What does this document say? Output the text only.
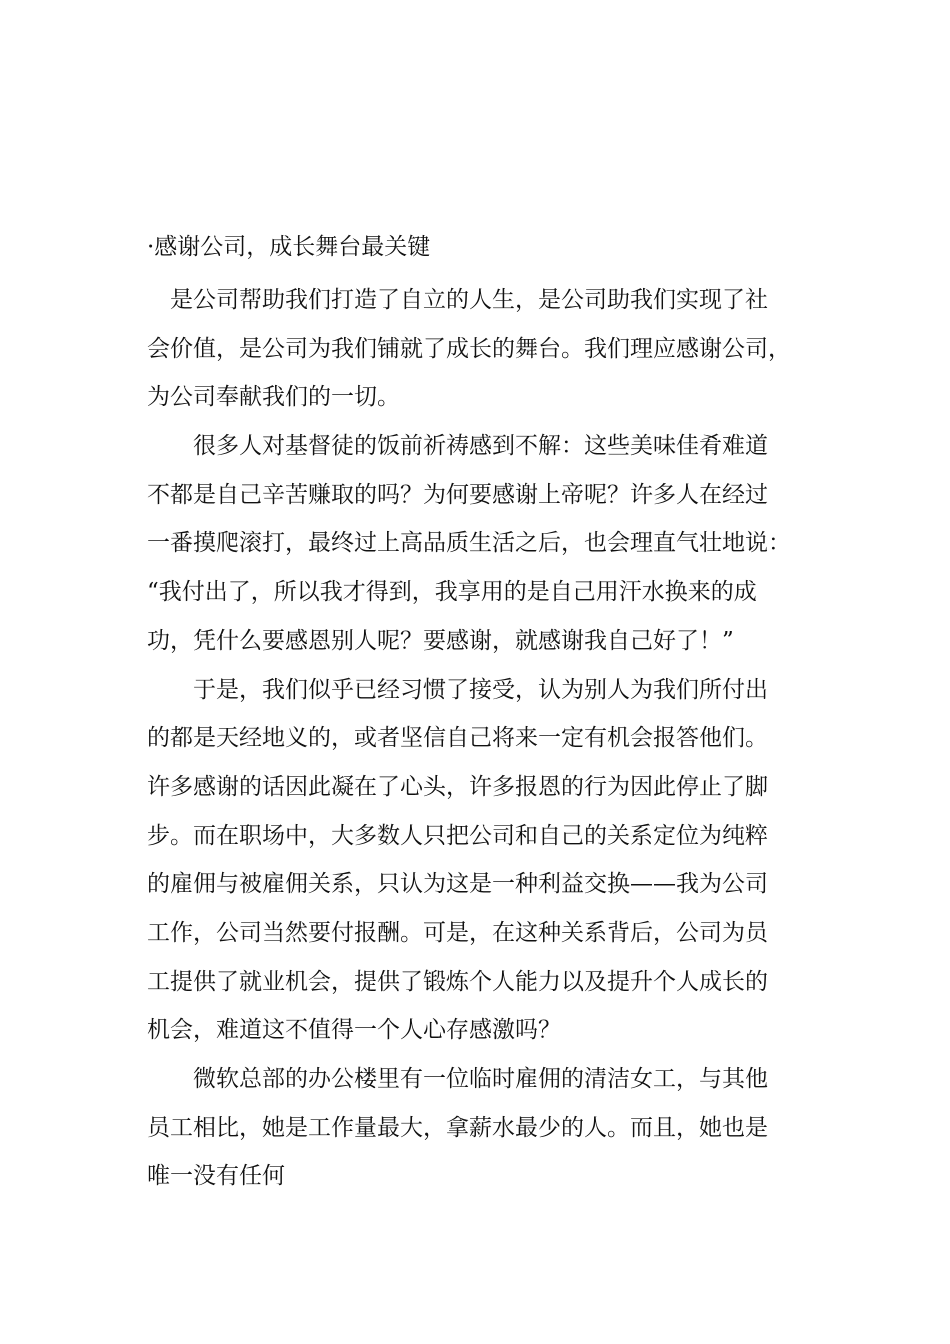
·感谢公司，成长舞台最关键
　是公司帮助我们打造了自立的人生，是公司助我们实现了社
会价值，是公司为我们铺就了成长的舞台。我们理应感谢公司，
为公司奉献我们的一切。
　　很多人对基督徒的饭前祈祷感到不解：这些美味佳肴难道
不都是自己辛苦赚取的吗？为何要感谢上帝呢？许多人在经过
一番摸爬滚打，最终过上高品质生活之后，也会理直气壮地说：
“我付出了，所以我才得到，我享用的是自己用汗水换来的成
功，凭什么要感恩别人呢？要感谢，就感谢我自己好了！”
　　于是，我们似乎已经习惯了接受，认为别人为我们所付出
的都是天经地义的，或者坚信自己将来一定有机会报答他们。
许多感谢的话因此凝在了心头，许多报恩的行为因此停止了脚
步。而在职场中，大多数人只把公司和自己的关系定位为纯粹
的雇佣与被雇佣关系，只认为这是一种利益交换——我为公司
工作，公司当然要付报酬。可是，在这种关系背后，公司为员
工提供了就业机会，提供了锻炼个人能力以及提升个人成长的
机会，难道这不值得一个人心存感激吗？
　　微软总部的办公楼里有一位临时雇佣的清洁女工，与其他
员工相比，她是工作量最大，拿薪水最少的人。而且，她也是
唯一没有任何
